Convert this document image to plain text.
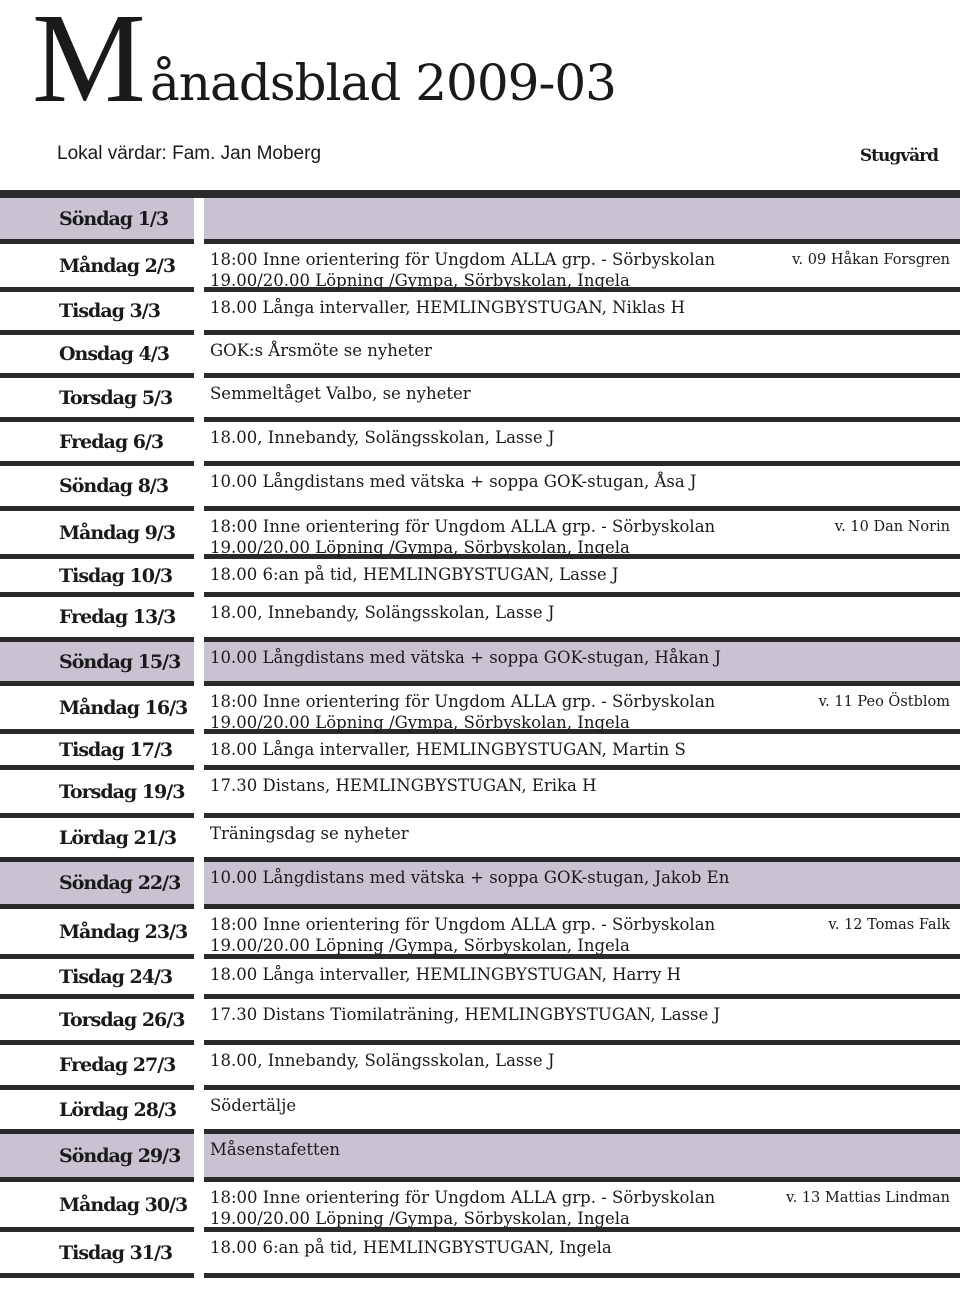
M ånadsblad 2009-03
Lokal värdar: Fam. Jan Moberg	Stugvärd
Söndag 1/3
Måndag 2/3	18:00 Inne orientering för Ungdom ALLA grp. - Sörbyskolan
19.00/20.00 Löpning /Gympa, Sörbyskolan, Ingela
v. 09 Håkan Forsgren
Tisdag 3/3	18.00 Långa intervaller, HEMLINGBYSTUGAN, Niklas H
Onsdag 4/3	GOK:s Årsmöte se nyheter
Torsdag 5/3	Semmeltåget Valbo, se nyheter
Fredag 6/3	18.00, Innebandy, Solängsskolan, Lasse J
Söndag 8/3	10.00 Långdistans med vätska + soppa GOK-stugan, Åsa J
Måndag 9/3	18:00 Inne orientering för Ungdom ALLA grp. - Sörbyskolan
19.00/20.00 Löpning /Gympa, Sörbyskolan, Ingela
v. 10 Dan Norin
Tisdag 10/3	18.00 6:an på tid, HEMLINGBYSTUGAN, Lasse J
Fredag 13/3	18.00, Innebandy, Solängsskolan, Lasse J
Söndag 15/3	10.00 Långdistans med vätska + soppa GOK-stugan, Håkan J
Måndag 16/3	18:00 Inne orientering för Ungdom ALLA grp. - Sörbyskolan
19.00/20.00 Löpning /Gympa, Sörbyskolan, Ingela
v. 11 Peo Östblom
Tisdag 17/3	18.00 Långa intervaller, HEMLINGBYSTUGAN, Martin S
Torsdag 19/3	17.30 Distans, HEMLINGBYSTUGAN, Erika H
Lördag 21/3	Träningsdag se nyheter
Söndag 22/3	10.00 Långdistans med vätska + soppa GOK-stugan, Jakob En
Måndag 23/3	18:00 Inne orientering för Ungdom ALLA grp. - Sörbyskolan
19.00/20.00 Löpning /Gympa, Sörbyskolan, Ingela
v. 12 Tomas Falk
Tisdag 24/3	18.00 Långa intervaller, HEMLINGBYSTUGAN, Harry H
Torsdag 26/3	17.30 Distans Tiomilaträning, HEMLINGBYSTUGAN, Lasse J
Fredag 27/3	18.00, Innebandy, Solängsskolan, Lasse J
Lördag 28/3	Södertälje
Söndag 29/3	Måsenstafetten
Måndag 30/3	18:00 Inne orientering för Ungdom ALLA grp. - Sörbyskolan
19.00/20.00 Löpning /Gympa, Sörbyskolan, Ingela
v. 13 Mattias Lindman
Tisdag 31/3	18.00 6:an på tid, HEMLINGBYSTUGAN, Ingela
